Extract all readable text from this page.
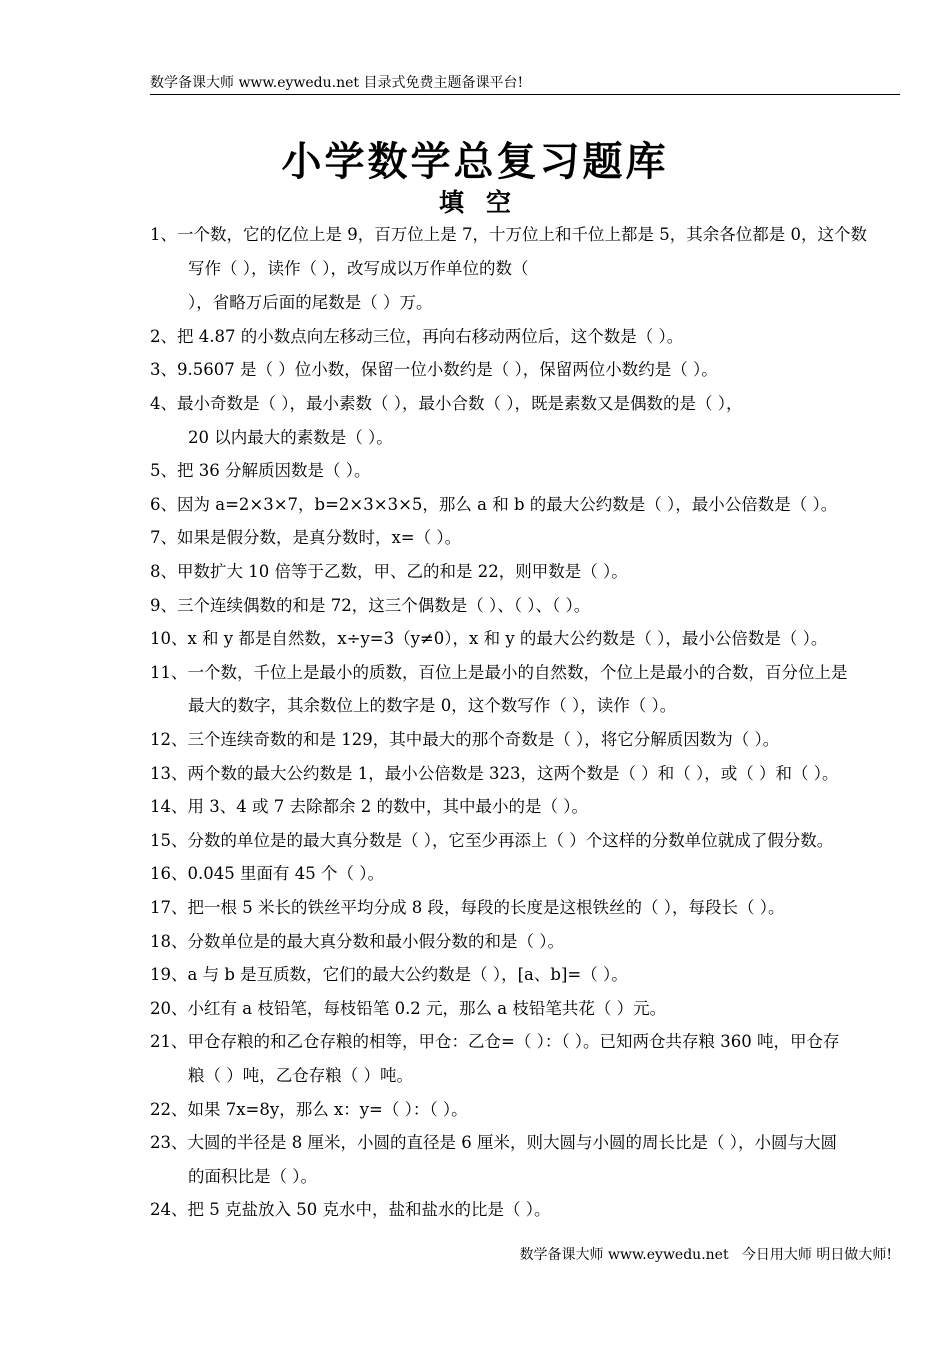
数学备课大师 www.eywedu.net 目录式免费主题备课平台!
小学数学总复习题库
填空
1、一个数，它的亿位上是 9，百万位上是 7，十万位上和千位上都是 5，其余各位都是 0，这个数
写作（ ），读作（ ），改写成以万作单位的数（
），省略万后面的尾数是（ ）万。
2、把 4.87 的小数点向左移动三位，再向右移动两位后，这个数是（ ）。
3、9.5607 是（ ）位小数，保留一位小数约是（ ），保留两位小数约是（ ）。
4、最小奇数是（ ），最小素数（ ），最小合数（ ），既是素数又是偶数的是（ ），
20 以内最大的素数是（ ）。
5、把 36 分解质因数是（ ）。
6、因为 a=2×3×7，b=2×3×3×5，那么 a 和 b 的最大公约数是（ ），最小公倍数是（ ）。
7、如果是假分数，是真分数时，x=（ ）。
8、甲数扩大 10 倍等于乙数，甲、乙的和是 22，则甲数是（ ）。
9、三个连续偶数的和是 72，这三个偶数是（ ）、（ ）、（ ）。
10、x 和 y 都是自然数，x÷y=3（y≠0），x 和 y 的最大公约数是（ ），最小公倍数是（ ）。
11、一个数，千位上是最小的质数，百位上是最小的自然数，个位上是最小的合数，百分位上是
最大的数字，其余数位上的数字是 0，这个数写作（ ），读作（ ）。
12、三个连续奇数的和是 129，其中最大的那个奇数是（ ），将它分解质因数为（ ）。
13、两个数的最大公约数是 1，最小公倍数是 323，这两个数是（ ）和（ ），或（ ）和（ ）。
14、用 3、4 或 7 去除都余 2 的数中，其中最小的是（ ）。
15、分数的单位是的最大真分数是（ ），它至少再添上（ ）个这样的分数单位就成了假分数。
16、0.045 里面有 45 个（ ）。
17、把一根 5 米长的铁丝平均分成 8 段，每段的长度是这根铁丝的（ ），每段长（ ）。
18、分数单位是的最大真分数和最小假分数的和是（ ）。
19、a 与 b 是互质数，它们的最大公约数是（ ），[a、b]=（ ）。
20、小红有 a 枝铅笔，每枝铅笔 0.2 元，那么 a 枝铅笔共花（ ）元。
21、甲仓存粮的和乙仓存粮的相等，甲仓：乙仓=（ ）：（ ）。已知两仓共存粮 360 吨，甲仓存
粮（ ）吨，乙仓存粮（ ）吨。
22、如果 7x=8y，那么 x：y=（ ）：（ ）。
23、大圆的半径是 8 厘米，小圆的直径是 6 厘米，则大圆与小圆的周长比是（ ），小圆与大圆
的面积比是（ ）。
24、把 5 克盐放入 50 克水中，盐和盐水的比是（ ）。
数学备课大师 www.eywedu.net   今日用大师 明日做大师!
